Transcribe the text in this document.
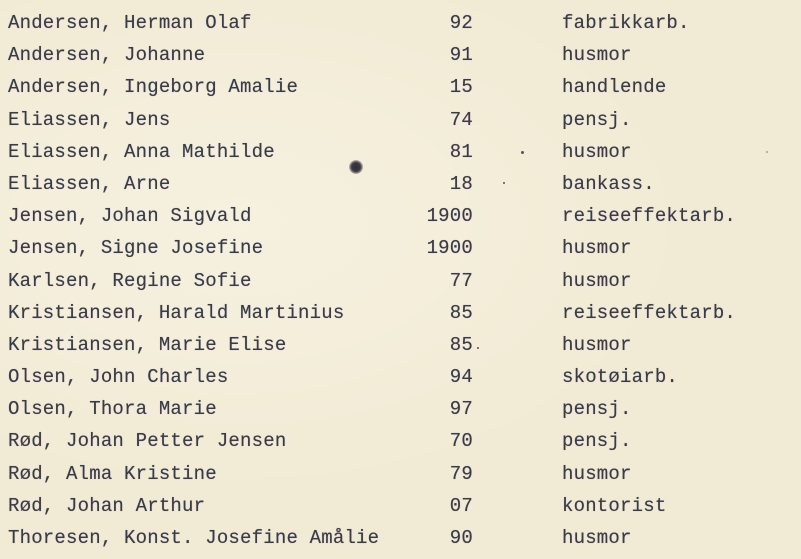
Andersen, Herman Olaf	92	fabrikkarb.
Andersen, Johanne	91	husmor
Andersen, Ingeborg Amalie	15	handlende
Eliassen, Jens	74	pensj.
Eliassen, Anna Mathilde	81	husmor
Eliassen, Arne	18	bankass.
Jensen, Johan Sigvald	1900	reiseeffektarb.
Jensen, Signe Josefine	1900	husmor
Karlsen, Regine Sofie	77	husmor
Kristiansen, Harald Martinius	85	reiseeffektarb.
Kristiansen, Marie Elise	85	husmor
Olsen, John Charles	94	skotøiarb.
Olsen, Thora Marie	97	pensj.
Rød, Johan Petter Jensen	70	pensj.
Rød, Alma Kristine	79	husmor
Rød, Johan Arthur	07	kontorist
Thoresen, Konst. Josefine Amålie	90	husmor
